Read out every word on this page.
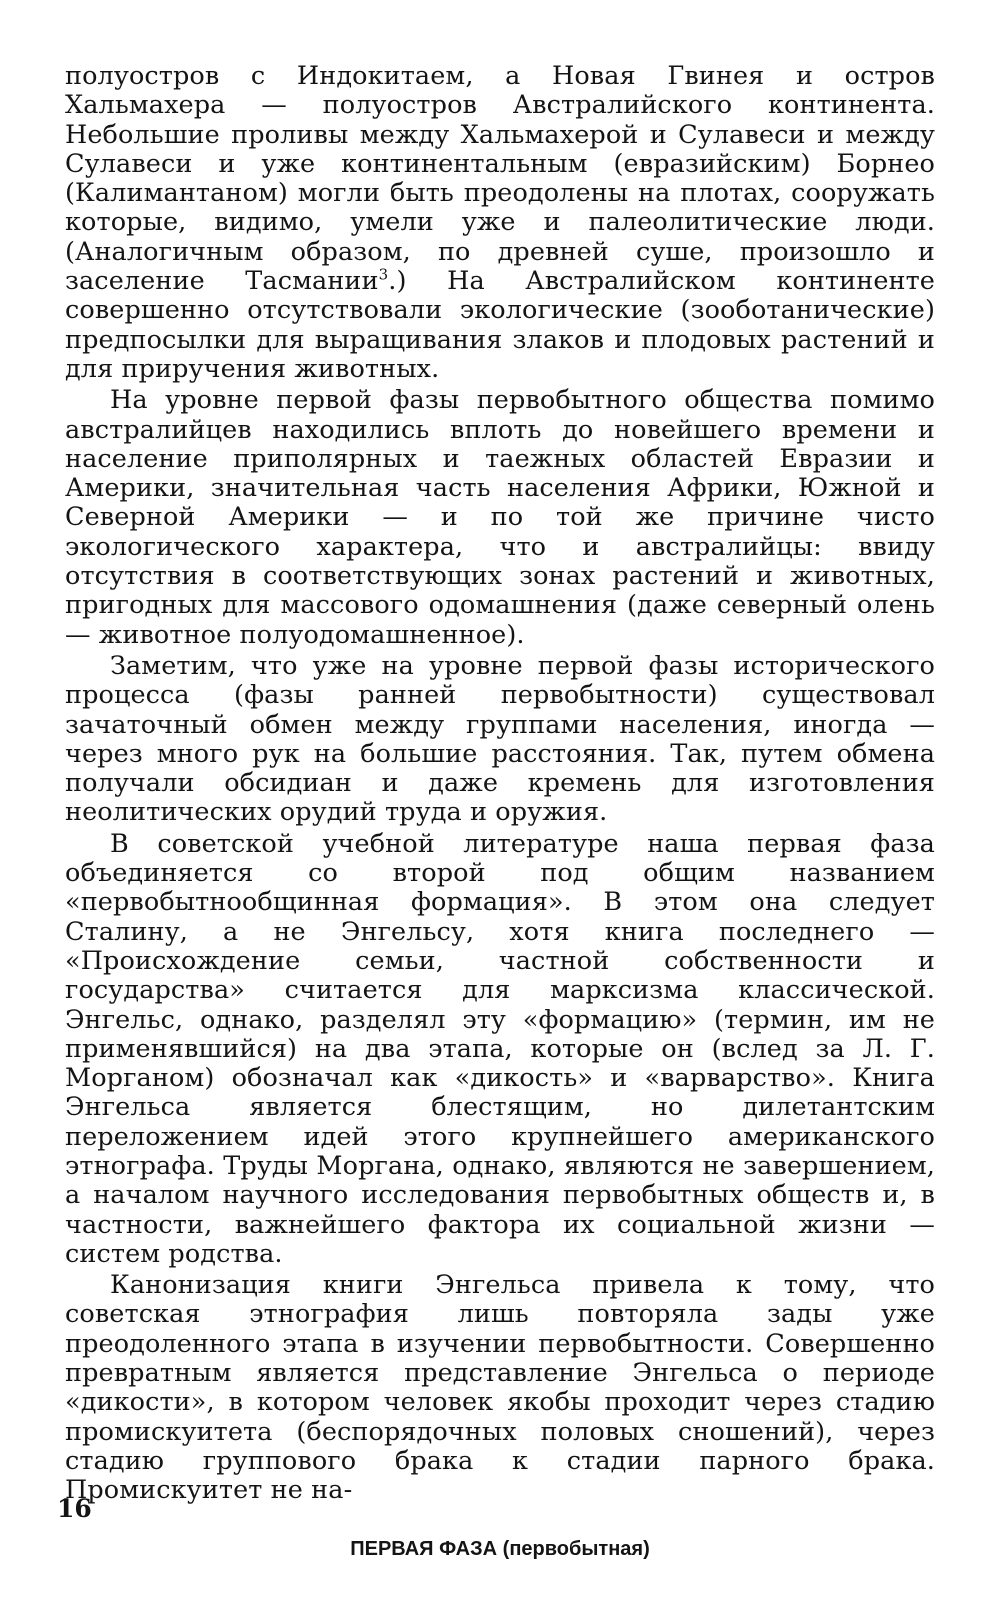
полуостров с Индокитаем, а Новая Гвинея и остров Хальмахера — полуостров Австралийского континента. Небольшие проливы между Хальмахерой и Сулавеси и между Сулавеси и уже континентальным (евразийским) Борнео (Калимантаном) могли быть преодолены на плотах, сооружать которые, видимо, умели уже и палеолитические люди. (Аналогичным образом, по древней суше, произошло и заселение Тасмании$^3$.) На Австралийском континенте совершенно отсутствовали экологические (зооботанические) предпосылки для выращивания злаков и плодовых растений и для приручения животных.

На уровне первой фазы первобытного общества помимо австралийцев находились вплоть до новейшего времени и население приполярных и таежных областей Евразии и Америки, значительная часть населения Африки, Южной и Северной Америки — и по той же причине чисто экологического характера, что и австралийцы: ввиду отсутствия в соответствующих зонах растений и животных, пригодных для массового одомашнения (даже северный олень — животное полуодомашненное).

Заметим, что уже на уровне первой фазы исторического процесса (фазы ранней первобытности) существовал зачаточный обмен между группами населения, иногда — через много рук на большие расстояния. Так, путем обмена получали обсидиан и даже кремень для изготовления неолитических орудий труда и оружия.

В советской учебной литературе наша первая фаза объединяется со второй под общим названием «первобытнообщинная формация». В этом она следует Сталину, а не Энгельсу, хотя книга последнего — «Происхождение семьи, частной собственности и государства» считается для марксизма классической. Энгельс, однако, разделял эту «формацию» (термин, им не применявшийся) на два этапа, которые он (вслед за Л. Г. Морганом) обозначал как «дикость» и «варварство». Книга Энгельса является блестящим, но дилетантским переложением идей этого крупнейшего американского этнографа. Труды Моргана, однако, являются не завершением, а началом научного исследования первобытных обществ и, в частности, важнейшего фактора их социальной жизни — систем родства.

Канонизация книги Энгельса привела к тому, что советская этнография лишь повторяла зады уже преодоленного этапа в изучении первобытности. Совершенно превратным является представление Энгельса о периоде «дикости», в котором человек якобы проходит через стадию промискуитета (беспорядочных половых сношений), через стадию группового брака к стадии парного брака. Промискуитет не на-

16
ПЕРВАЯ ФАЗА (первобытная)
